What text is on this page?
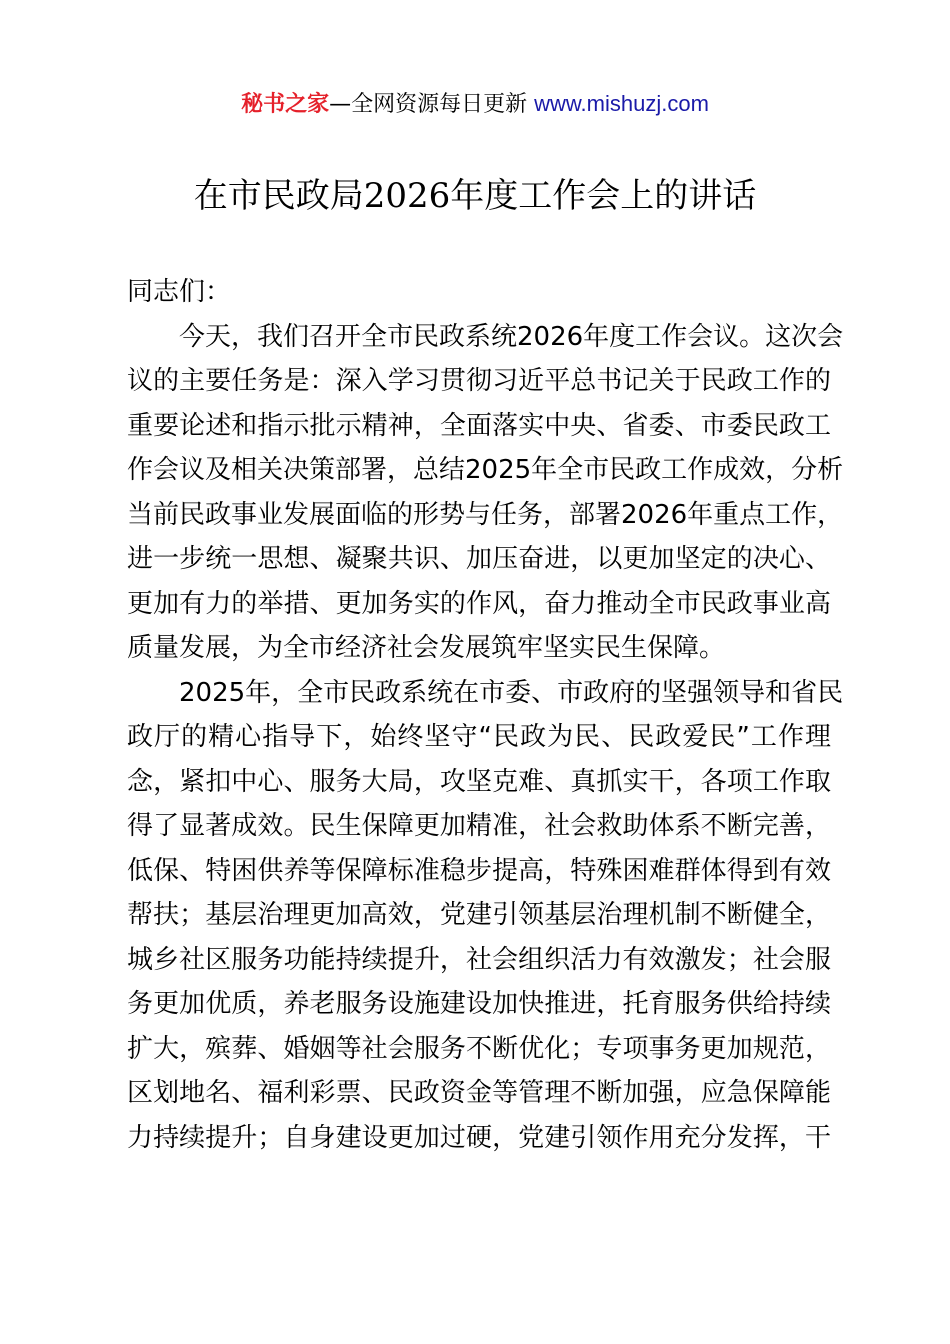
秘书之家—全网资源每日更新 www.mishuzj.com
在市民政局2026年度工作会上的讲话
同志们：
今天，我们召开全市民政系统2026年度工作会议。这次会
议的主要任务是：深入学习贯彻习近平总书记关于民政工作的
重要论述和指示批示精神，全面落实中央、省委、市委民政工
作会议及相关决策部署，总结2025年全市民政工作成效，分析
当前民政事业发展面临的形势与任务，部署2026年重点工作，
进一步统一思想、凝聚共识、加压奋进，以更加坚定的决心、
更加有力的举措、更加务实的作风，奋力推动全市民政事业高
质量发展，为全市经济社会发展筑牢坚实民生保障。
2025年，全市民政系统在市委、市政府的坚强领导和省民
政厅的精心指导下，始终坚守“民政为民、民政爱民”工作理
念，紧扣中心、服务大局，攻坚克难、真抓实干，各项工作取
得了显著成效。民生保障更加精准，社会救助体系不断完善，
低保、特困供养等保障标准稳步提高，特殊困难群体得到有效
帮扶；基层治理更加高效，党建引领基层治理机制不断健全，
城乡社区服务功能持续提升，社会组织活力有效激发；社会服
务更加优质，养老服务设施建设加快推进，托育服务供给持续
扩大，殡葬、婚姻等社会服务不断优化；专项事务更加规范，
区划地名、福利彩票、民政资金等管理不断加强，应急保障能
力持续提升；自身建设更加过硬，党建引领作用充分发挥，干
